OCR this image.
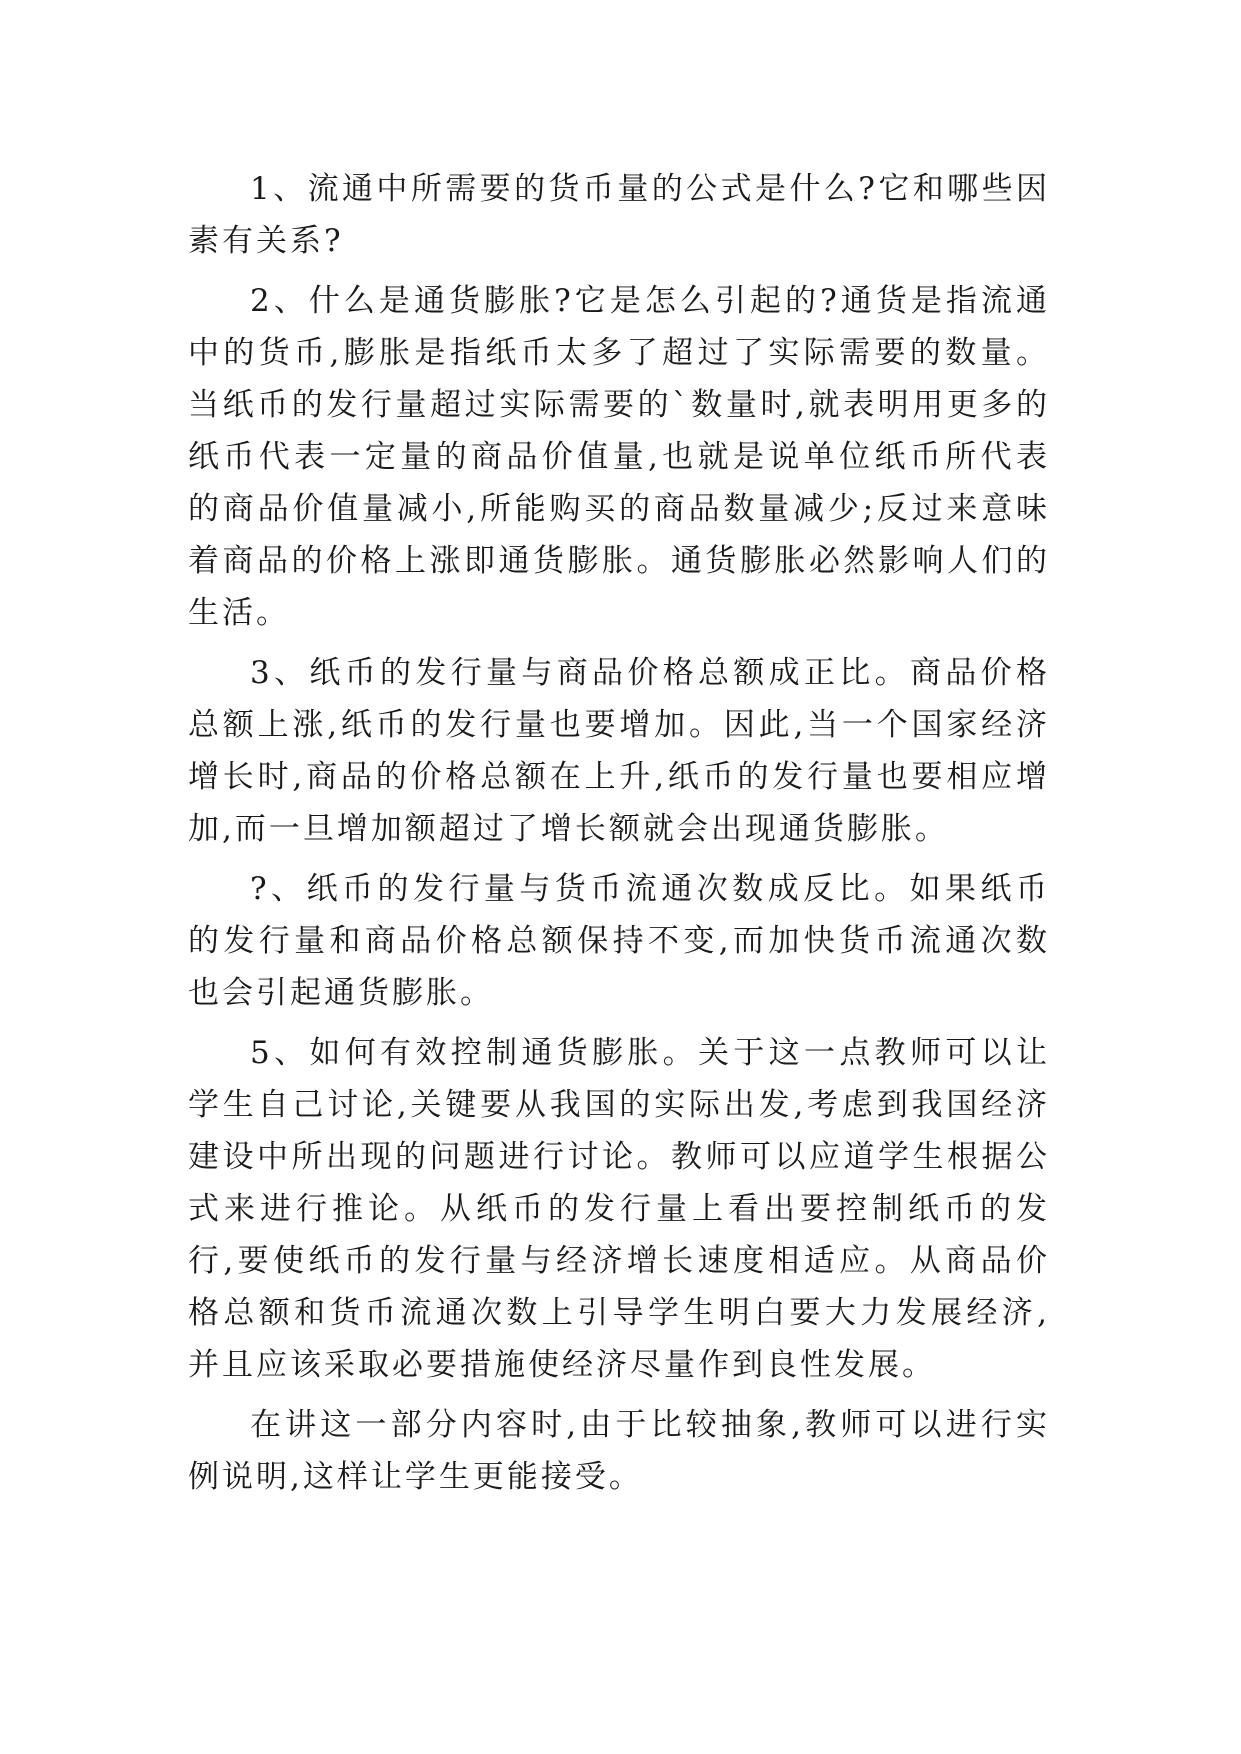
1、流通中所需要的货币量的公式是什么?它和哪些因素有关系?

2、什么是通货膨胀?它是怎么引起的?通货是指流通中的货币,膨胀是指纸币太多了超过了实际需要的数量。当纸币的发行量超过实际需要的`数量时,就表明用更多的纸币代表一定量的商品价值量,也就是说单位纸币所代表的商品价值量减小,所能购买的商品数量减少;反过来意味着商品的价格上涨即通货膨胀。通货膨胀必然影响人们的生活。

3、纸币的发行量与商品价格总额成正比。商品价格总额上涨,纸币的发行量也要增加。因此,当一个国家经济增长时,商品的价格总额在上升,纸币的发行量也要相应增加,而一旦增加额超过了增长额就会出现通货膨胀。

?、纸币的发行量与货币流通次数成反比。如果纸币的发行量和商品价格总额保持不变,而加快货币流通次数也会引起通货膨胀。

5、如何有效控制通货膨胀。关于这一点教师可以让学生自己讨论,关键要从我国的实际出发,考虑到我国经济建设中所出现的问题进行讨论。教师可以应道学生根据公式来进行推论。从纸币的发行量上看出要控制纸币的发行,要使纸币的发行量与经济增长速度相适应。从商品价格总额和货币流通次数上引导学生明白要大力发展经济,并且应该采取必要措施使经济尽量作到良性发展。

在讲这一部分内容时,由于比较抽象,教师可以进行实例说明,这样让学生更能接受。
